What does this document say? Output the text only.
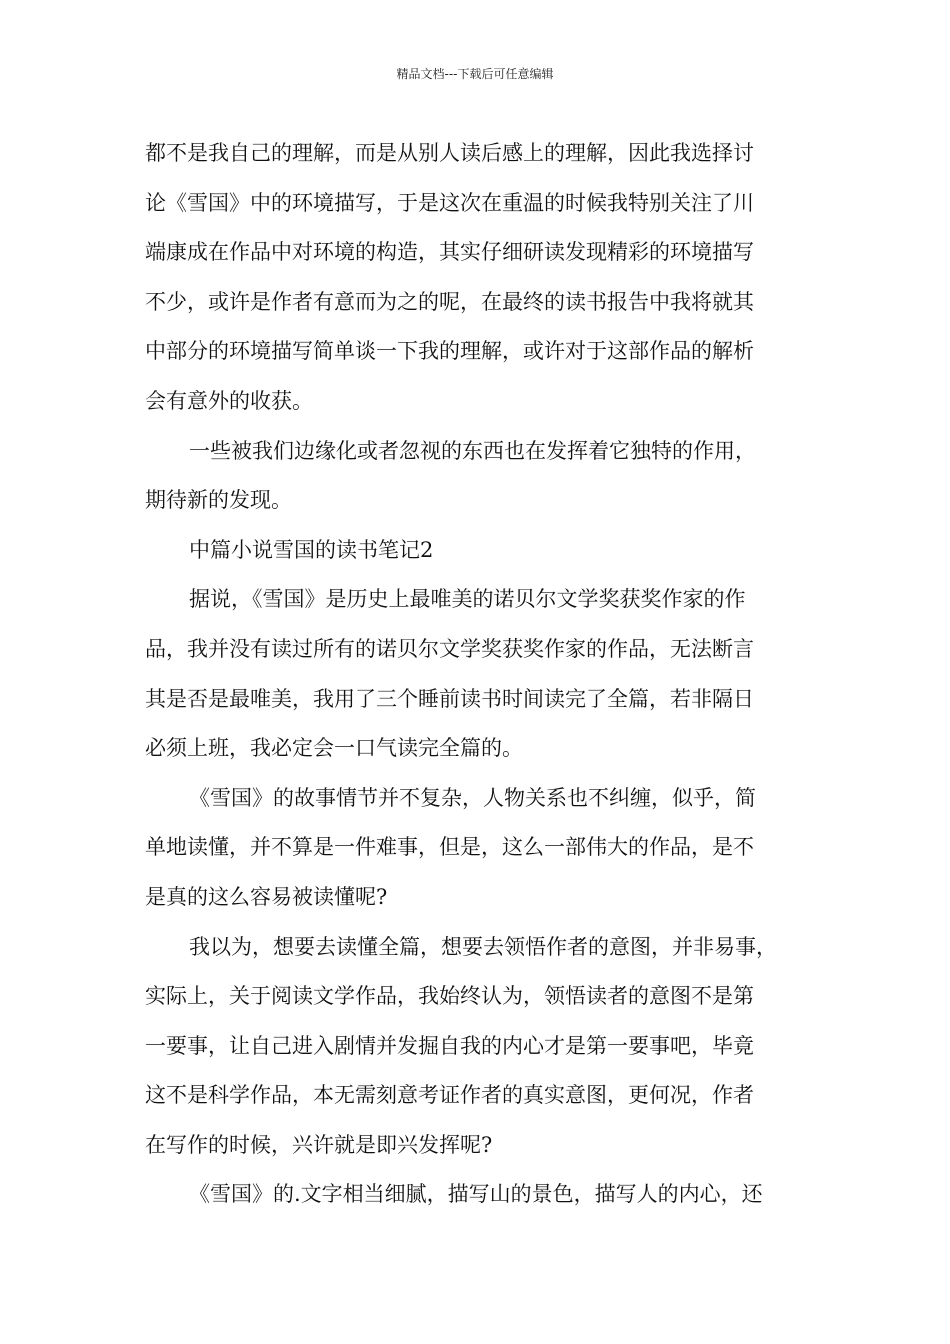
精品文档---下载后可任意编辑
都不是我自己的理解，而是从别人读后感上的理解，因此我选择讨
论《雪国》中的环境描写，于是这次在重温的时候我特别关注了川
端康成在作品中对环境的构造，其实仔细研读发现精彩的环境描写
不少，或许是作者有意而为之的呢，在最终的读书报告中我将就其
中部分的环境描写简单谈一下我的理解，或许对于这部作品的解析
会有意外的收获。
一些被我们边缘化或者忽视的东西也在发挥着它独特的作用，
期待新的发现。
中篇小说雪国的读书笔记2
据说，《雪国》是历史上最唯美的诺贝尔文学奖获奖作家的作
品，我并没有读过所有的诺贝尔文学奖获奖作家的作品，无法断言
其是否是最唯美，我用了三个睡前读书时间读完了全篇，若非隔日
必须上班，我必定会一口气读完全篇的。
《雪国》的故事情节并不复杂，人物关系也不纠缠，似乎，简
单地读懂，并不算是一件难事，但是，这么一部伟大的作品，是不
是真的这么容易被读懂呢?
我以为，想要去读懂全篇，想要去领悟作者的意图，并非易事，
实际上，关于阅读文学作品，我始终认为，领悟读者的意图不是第
一要事，让自己进入剧情并发掘自我的内心才是第一要事吧，毕竟
这不是科学作品，本无需刻意考证作者的真实意图，更何况，作者
在写作的时候，兴许就是即兴发挥呢?
《雪国》的.文字相当细腻，描写山的景色，描写人的内心，还
